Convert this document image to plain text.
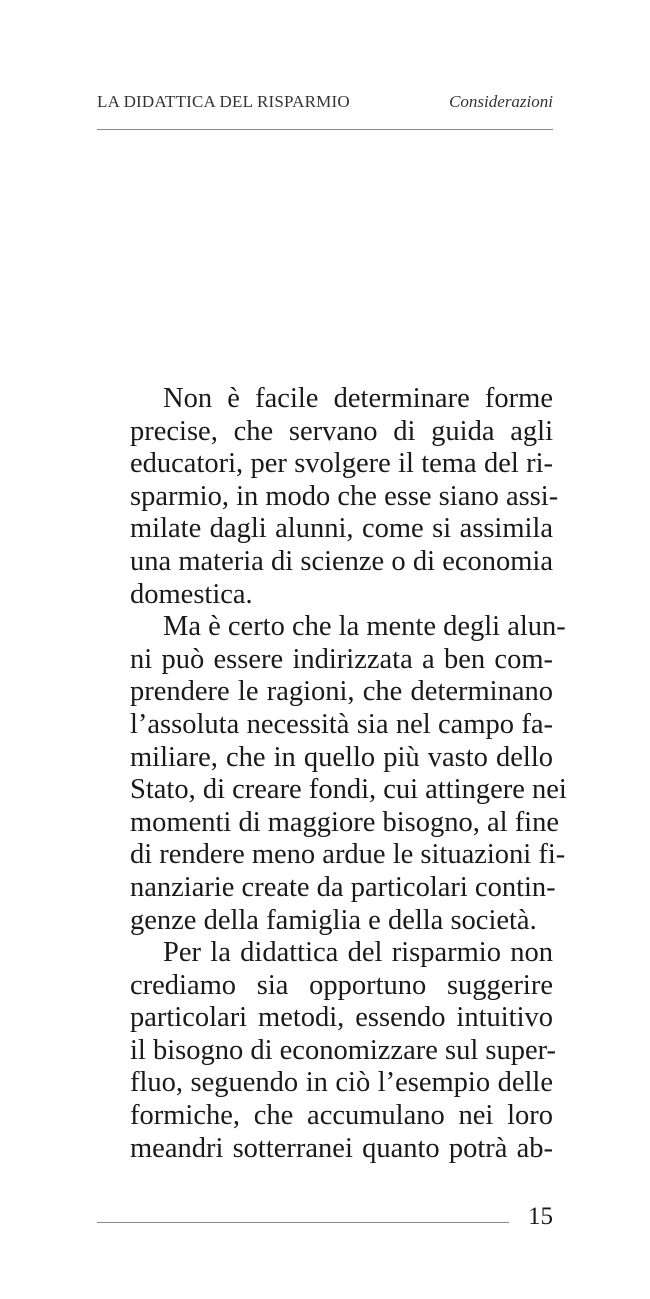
LA DIDATTICA DEL RISPARMIO	Considerazioni
Non è facile determinare forme
precise, che servano di guida agli
educatori, per svolgere il tema del ri-
sparmio, in modo che esse siano assi-
milate dagli alunni, come si assimila
una materia di scienze o di economia
domestica.
Ma è certo che la mente degli alun-
ni può essere indirizzata a ben com-
prendere le ragioni, che determinano
l’assoluta necessità sia nel campo fa-
miliare, che in quello più vasto dello
Stato, di creare fondi, cui attingere nei
momenti di maggiore bisogno, al fine
di rendere meno ardue le situazioni fi-
nanziarie create da particolari contin-
genze della famiglia e della società.
Per la didattica del risparmio non
crediamo sia opportuno suggerire
particolari metodi, essendo intuitivo
il bisogno di economizzare sul super-
fluo, seguendo in ciò l’esempio delle
formiche, che accumulano nei loro
meandri sotterranei quanto potrà ab-
15
